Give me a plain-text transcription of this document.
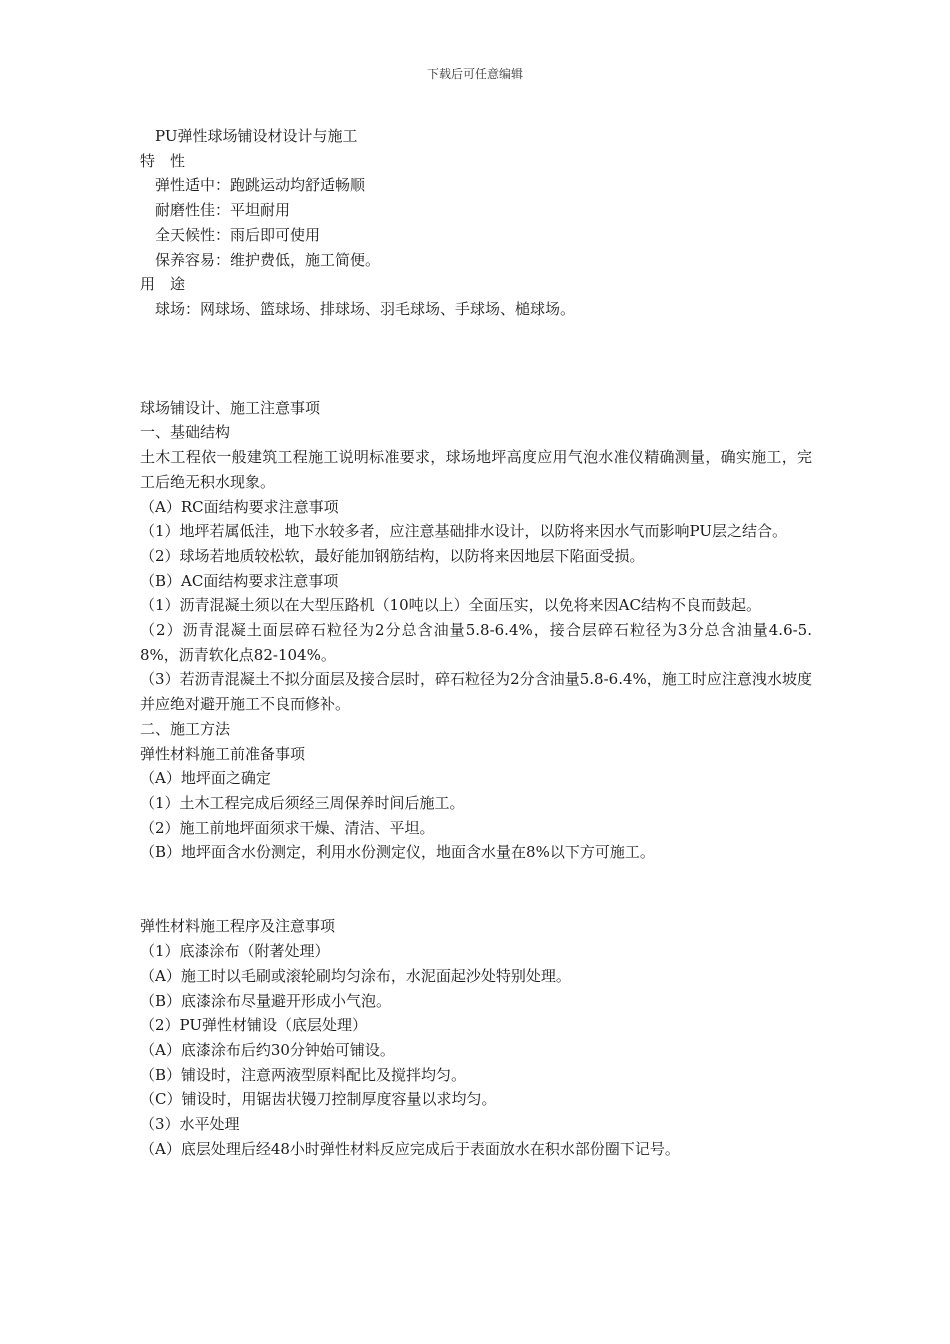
下载后可任意编辑
　PU弹性球场铺设材设计与施工
特　性
　弹性适中：跑跳运动均舒适畅顺
　耐磨性佳：平坦耐用
　全天候性：雨后即可使用
　保养容易：维护费低，施工简便。
用　途
　球场：网球场、篮球场、排球场、羽毛球场、手球场、槌球场。
球场铺设计、施工注意事项
一、基础结构
土木工程依一般建筑工程施工说明标准要求，球场地坪高度应用气泡水准仪精确测量，确实施工，完工后绝无积水现象。
（A）RC面结构要求注意事项
（1）地坪若属低洼，地下水较多者，应注意基础排水设计，以防将来因水气而影响PU层之结合。
（2）球场若地质较松软，最好能加钢筋结构，以防将来因地层下陷面受损。
（B）AC面结构要求注意事项
（1）沥青混凝土须以在大型压路机（10吨以上）全面压实，以免将来因AC结构不良而鼓起。
（2）沥青混凝土面层碎石粒径为2分总含油量5.8-6.4%，接合层碎石粒径为3分总含油量4.6-5.8%，沥青软化点82-104%。
（3）若沥青混凝土不拟分面层及接合层时，碎石粒径为2分含油量5.8-6.4%，施工时应注意洩水坡度并应绝对避开施工不良而修补。
二、施工方法
弹性材料施工前准备事项
（A）地坪面之确定
（1）土木工程完成后须经三周保养时间后施工。
（2）施工前地坪面须求干燥、清洁、平坦。
（B）地坪面含水份测定，利用水份测定仪，地面含水量在8%以下方可施工。
弹性材料施工程序及注意事项
（1）底漆涂布（附著处理）
（A）施工时以毛刷或滚轮刷均匀涂布，水泥面起沙处特别处理。
（B）底漆涂布尽量避开形成小气泡。
（2）PU弹性材铺设（底层处理）
（A）底漆涂布后约30分钟始可铺设。
（B）铺设时，注意两液型原料配比及搅拌均匀。
（C）铺设时，用锯齿状镘刀控制厚度容量以求均匀。
（3）水平处理
（A）底层处理后经48小时弹性材料反应完成后于表面放水在积水部份圈下记号。
